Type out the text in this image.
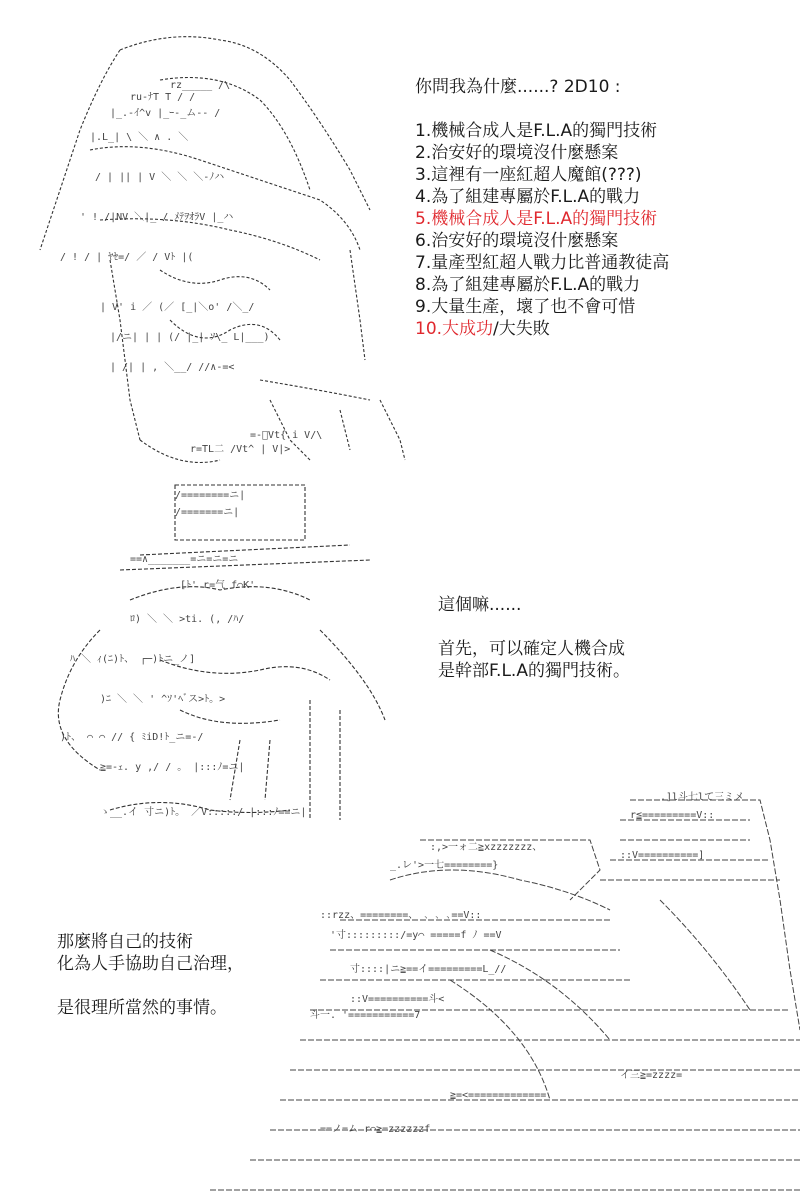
rz_____ /\
ru-ﾅT T / /
|_.-ｲ^v |_ｰ-_ム-- /
|.L_| \ ＼ ∧ . ＼
/ | || | V ＼ ＼ ＼-ﾉハ
' ! /|NV ＼|_ / ﾒﾃｦｵﾗV |_ハ
/ ! / | ﾔｾ=/ ／ / Vﾄ |(
| V' i ／ (／ [_|＼o' /＼_/
|/ニ| | | (/ |_| ｿ\_ L|___)
| /| | , ＼__/ //∧-=<
=-ﾞVt{ i V/\
r=TL二 /Vt^ | V|>
你問我為什麼......? 2D10 :
1.機械合成人是F.L.A的獨門技術
2.治安好的環境沒什麼懸案
3.這裡有一座紅超人魔館(???)
4.為了組建專屬於F.L.A的戰力
5.機械合成人是F.L.A的獨門技術
6.治安好的環境沒什麼懸案
7.量產型紅超人戰力比普通教徒高
8.為了組建專屬於F.L.A的戰力
9.大量生產，壞了也不會可惜
10.大成功/大失敗
/========ニ|
/=======ニ|
==∧_______=ニ=ニ=ニ
[ﾄ' r=气 f⌒K'
ﾛ) ＼ ＼ >ti. (, /ﾊ/
ﾊ ＼ ｨ(ﾆ)ﾄ、 ┌─)ﾄニ_ノ]
)ﾆ ＼ ＼ ' ^ｿ'ﾍﾞス>ﾄ。>
)ﾄ、 ⌒ ⌒ // { ﾐiD!ﾄ_ニ=-/
≧=-ｪ. y ,/ / 。 |:::ﾉ=ニ|
ゝ__.イ 寸ニ)ﾄ。 ／V:::::/ |:::ﾉ==ニ|
這個嘛......
首先，可以確定人機合成
是幹部F.L.A的獨門技術。
.]l斗七lて三ミメ
r≦=========V::
::V==========]
:,>一ォ二≧xzzzzzzz、
_.レ'>一七========}
::rzz、========、 ､ ､ ､==V::
'寸:::::::::/=y⌒ =====f ﾉ ==V
寸::::|ニ≧==イ=========L_//
::V==========斗<
斗一. '===========7
≧=<=============
==ノ=ム r⌒≧=zzzzzzf
イ三≧=zzzz=
那麼將自己的技術
化為人手協助自己治理，
是很理所當然的事情。
